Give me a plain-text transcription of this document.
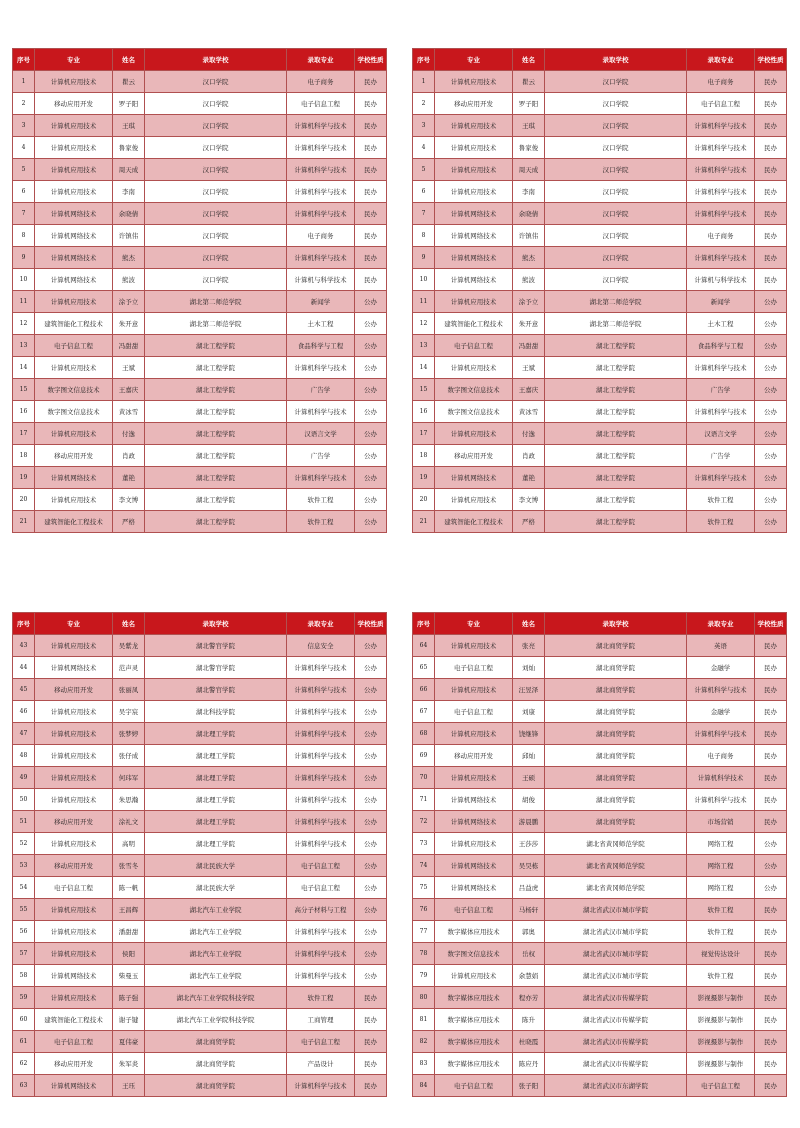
序号	专业	姓名	录取学校	录取专业	学校性质
1	计算机应用技术	瞿云	汉口学院	电子商务	民办
2	移动应用开发	罗子阳	汉口学院	电子信息工程	民办
3	计算机应用技术	王琪	汉口学院	计算机科学与技术	民办
4	计算机应用技术	鲁家俊	汉口学院	计算机科学与技术	民办
5	计算机应用技术	周天成	汉口学院	计算机科学与技术	民办
6	计算机应用技术	李南	汉口学院	计算机科学与技术	民办
7	计算机网络技术	余晓倩	汉口学院	计算机科学与技术	民办
8	计算机网络技术	许镇伟	汉口学院	电子商务	民办
9	计算机网络技术	熊杰	汉口学院	计算机科学与技术	民办
10	计算机网络技术	熊波	汉口学院	计算机与科学技术	民办
11	计算机应用技术	涂予立	湖北第二师范学院	新闻学	公办
12	建筑智能化工程技术	朱开意	湖北第二师范学院	土木工程	公办
13	电子信息工程	冯甜甜	湖北工程学院	食品科学与工程	公办
14	计算机应用技术	王斌	湖北工程学院	计算机科学与技术	公办
15	数字图文信息技术	王嘉庆	湖北工程学院	广告学	公办
16	数字图文信息技术	黄冰雪	湖北工程学院	计算机科学与技术	公办
17	计算机应用技术	付逸	湖北工程学院	汉语言文学	公办
18	移动应用开发	肖政	湖北工程学院	广告学	公办
19	计算机网络技术	董艳	湖北工程学院	计算机科学与技术	公办
20	计算机应用技术	李文博	湖北工程学院	软件工程	公办
21	建筑智能化工程技术	严格	湖北工程学院	软件工程	公办
序号	专业	姓名	录取学校	录取专业	学校性质
1	计算机应用技术	瞿云	汉口学院	电子商务	民办
2	移动应用开发	罗子阳	汉口学院	电子信息工程	民办
3	计算机应用技术	王琪	汉口学院	计算机科学与技术	民办
4	计算机应用技术	鲁家俊	汉口学院	计算机科学与技术	民办
5	计算机应用技术	周天成	汉口学院	计算机科学与技术	民办
6	计算机应用技术	李南	汉口学院	计算机科学与技术	民办
7	计算机网络技术	余晓倩	汉口学院	计算机科学与技术	民办
8	计算机网络技术	许镇伟	汉口学院	电子商务	民办
9	计算机网络技术	熊杰	汉口学院	计算机科学与技术	民办
10	计算机网络技术	熊波	汉口学院	计算机与科学技术	民办
11	计算机应用技术	涂予立	湖北第二师范学院	新闻学	公办
12	建筑智能化工程技术	朱开意	湖北第二师范学院	土木工程	公办
13	电子信息工程	冯甜甜	湖北工程学院	食品科学与工程	公办
14	计算机应用技术	王斌	湖北工程学院	计算机科学与技术	公办
15	数字图文信息技术	王嘉庆	湖北工程学院	广告学	公办
16	数字图文信息技术	黄冰雪	湖北工程学院	计算机科学与技术	公办
17	计算机应用技术	付逸	湖北工程学院	汉语言文学	公办
18	移动应用开发	肖政	湖北工程学院	广告学	公办
19	计算机网络技术	董艳	湖北工程学院	计算机科学与技术	公办
20	计算机应用技术	李文博	湖北工程学院	软件工程	公办
21	建筑智能化工程技术	严格	湖北工程学院	软件工程	公办
序号	专业	姓名	录取学校	录取专业	学校性质
43	计算机应用技术	吴紫龙	湖北警官学院	信息安全	公办
44	计算机网络技术	范声灵	湖北警官学院	计算机科学与技术	公办
45	移动应用开发	张丽凤	湖北警官学院	计算机科学与技术	公办
46	计算机应用技术	吴宇宸	湖北科技学院	计算机科学与技术	公办
47	计算机应用技术	张梦婷	湖北理工学院	计算机科学与技术	公办
48	计算机应用技术	张仔成	湖北理工学院	计算机科学与技术	公办
49	计算机应用技术	何玮军	湖北理工学院	计算机科学与技术	公办
50	计算机应用技术	朱思瀚	湖北理工学院	计算机科学与技术	公办
51	移动应用开发	涂礼文	湖北理工学院	计算机科学与技术	公办
52	计算机应用技术	高明	湖北理工学院	计算机科学与技术	公办
53	移动应用开发	张雪冬	湖北民族大学	电子信息工程	公办
54	电子信息工程	陈一帆	湖北民族大学	电子信息工程	公办
55	计算机应用技术	王昌辉	湖北汽车工业学院	高分子材料与工程	公办
56	计算机应用技术	潘甜甜	湖北汽车工业学院	计算机科学与技术	公办
57	计算机应用技术	侯阳	湖北汽车工业学院	计算机科学与技术	公办
58	计算机网络技术	柴曼玉	湖北汽车工业学院	计算机科学与技术	公办
59	计算机应用技术	陈子强	湖北汽车工业学院科技学院	软件工程	民办
60	建筑智能化工程技术	谢子键	湖北汽车工业学院科技学院	工商管理	民办
61	电子信息工程	夏伟豪	湖北商贸学院	电子信息工程	民办
62	移动应用开发	朱军炎	湖北商贸学院	产品设计	民办
63	计算机网络技术	王珏	湖北商贸学院	计算机科学与技术	民办
序号	专业	姓名	录取学校	录取专业	学校性质
64	计算机应用技术	张亮	湖北商贸学院	英语	民办
65	电子信息工程	刘灿	湖北商贸学院	金融学	民办
66	计算机应用技术	汪昱泽	湖北商贸学院	计算机科学与技术	民办
67	电子信息工程	刘康	湖北商贸学院	金融学	民办
68	计算机应用技术	饶继锋	湖北商贸学院	计算机科学与技术	民办
69	移动应用开发	邱灿	湖北商贸学院	电子商务	民办
70	计算机应用技术	王硕	湖北商贸学院	计算机科学技术	民办
71	计算机网络技术	胡俊	湖北商贸学院	计算机科学与技术	民办
72	计算机网络技术	游晨鹏	湖北商贸学院	市场营销	民办
73	计算机应用技术	王莎莎	湖北省黄冈师范学院	网络工程	公办
74	计算机网络技术	吴昊栋	湖北省黄冈师范学院	网络工程	公办
75	计算机网络技术	吕益虎	湖北省黄冈师范学院	网络工程	公办
76	电子信息工程	马杨轩	湖北省武汉市城市学院	软件工程	民办
77	数字媒体应用技术	郭奥	湖北省武汉市城市学院	软件工程	民办
78	数字图文信息技术	岳权	湖北省武汉市城市学院	视觉传达设计	民办
79	计算机应用技术	余慧娟	湖北省武汉市城市学院	软件工程	民办
80	数字媒体应用技术	程亦芳	湖北省武汉市传媒学院	影视摄影与制作	民办
81	数字媒体应用技术	陈升	湖北省武汉市传媒学院	影视摄影与制作	民办
82	数字媒体应用技术	杜晓霞	湖北省武汉市传媒学院	影视摄影与制作	民办
83	数字媒体应用技术	陈应丹	湖北省武汉市传媒学院	影视摄影与制作	民办
84	电子信息工程	张子阳	湖北省武汉市东湖学院	电子信息工程	民办
